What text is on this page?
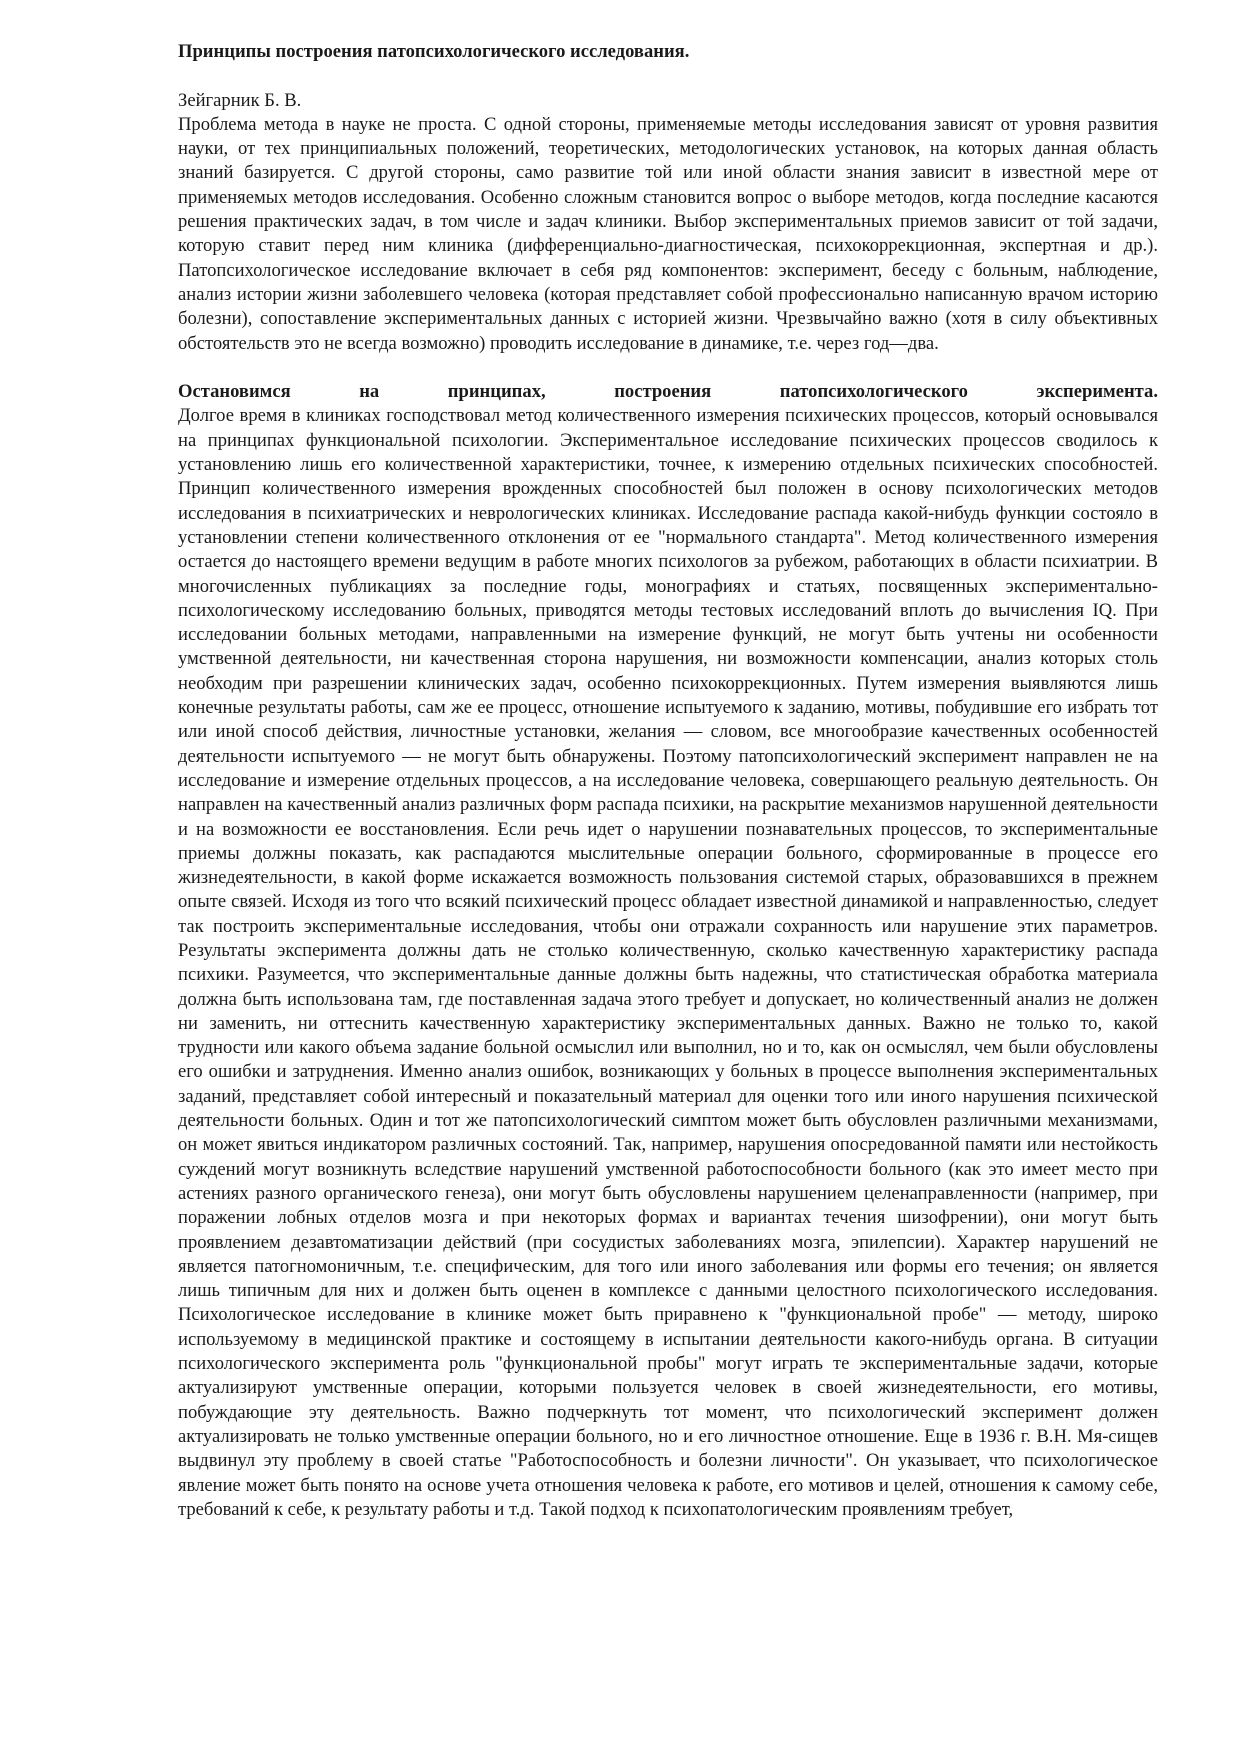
Принципы построения патопсихологического исследования.

Зейгарник Б. В.

Проблема метода в науке не проста. С одной стороны, применяемые методы исследования зависят от уровня развития науки, от тех принципиальных положений, теоретических, методологических установок, на которых данная область знаний базируется. С другой стороны, само развитие той или иной области знания зависит в известной мере от применяемых методов исследования. Особенно сложным становится вопрос о выборе методов, когда последние касаются решения практических задач, в том числе и задач клиники. Выбор экспериментальных приемов зависит от той задачи, которую ставит перед ним клиника (дифференциально-диагностическая, психокоррекционная, экспертная и др.). Патопсихологическое исследование включает в себя ряд компонентов: эксперимент, беседу с больным, наблюдение, анализ истории жизни заболевшего человека (которая представляет собой профессионально написанную врачом историю болезни), сопоставление экспериментальных данных с историей жизни. Чрезвычайно важно (хотя в силу объективных обстоятельств это не всегда возможно) проводить исследование в динамике, т.е. через год—два.

Остановимся на принципах, построения патопсихологического эксперимента.

Долгое время в клиниках господствовал метод количественного измерения психических процессов, который основывался на принципах функциональной психологии. Экспериментальное исследование психических процессов сводилось к установлению лишь его количественной характеристики, точнее, к измерению отдельных психических способностей. Принцип количественного измерения врожденных способностей был положен в основу психологических методов исследования в психиатрических и неврологических клиниках. Исследование распада какой-нибудь функции состояло в установлении степени количественного отклонения от ее "нормального стандарта". Метод количественного измерения остается до настоящего времени ведущим в работе многих психологов за рубежом, работающих в области психиатрии. В многочисленных публикациях за последние годы, монографиях и статьях, посвященных экспериментально-психологическому исследованию больных, приводятся методы тестовых исследований вплоть до вычисления IQ. При исследовании больных методами, направленными на измерение функций, не могут быть учтены ни особенности умственной деятельности, ни качественная сторона нарушения, ни возможности компенсации, анализ которых столь необходим при разрешении клинических задач, особенно психокоррекционных. Путем измерения выявляются лишь конечные результаты работы, сам же ее процесс, отношение испытуемого к заданию, мотивы, побудившие его избрать тот или иной способ действия, личностные установки, желания — словом, все многообразие качественных особенностей деятельности испытуемого — не могут быть обнаружены. Поэтому патопсихологический эксперимент направлен не на исследование и измерение отдельных процессов, а на исследование человека, совершающего реальную деятельность. Он направлен на качественный анализ различных форм распада психики, на раскрытие механизмов нарушенной деятельности и на возможности ее восстановления. Если речь идет о нарушении познавательных процессов, то экспериментальные приемы должны показать, как распадаются мыслительные операции больного, сформированные в процессе его жизнедеятельности, в какой форме искажается возможность пользования системой старых, образовавшихся в прежнем опыте связей. Исходя из того что всякий психический процесс обладает известной динамикой и направленностью, следует так построить экспериментальные исследования, чтобы они отражали сохранность или нарушение этих параметров. Результаты эксперимента должны дать не столько количественную, сколько качественную характеристику распада психики. Разумеется, что экспериментальные данные должны быть надежны, что статистическая обработка материала должна быть использована там, где поставленная задача этого требует и допускает, но количественный анализ не должен ни заменить, ни оттеснить качественную характеристику экспериментальных данных. Важно не только то, какой трудности или какого объема задание больной осмыслил или выполнил, но и то, как он осмыслял, чем были обусловлены его ошибки и затруднения. Именно анализ ошибок, возникающих у больных в процессе выполнения экспериментальных заданий, представляет собой интересный и показательный материал для оценки того или иного нарушения психической деятельности больных. Один и тот же патопсихологический симптом может быть обусловлен различными механизмами, он может явиться индикатором различных состояний. Так, например, нарушения опосредованной памяти или нестойкость суждений могут возникнуть вследствие нарушений умственной работоспособности больного (как это имеет место при астениях разного органического генеза), они могут быть обусловлены нарушением целенаправленности (например, при поражении лобных отделов мозга и при некоторых формах и вариантах течения шизофрении), они могут быть проявлением дезавтоматизации действий (при сосудистых заболеваниях мозга, эпилепсии). Характер нарушений не является патогномоничным, т.е. специфическим, для того или иного заболевания или формы его течения; он является лишь типичным для них и должен быть оценен в комплексе с данными целостного психологического исследования. Психологическое исследование в клинике может быть приравнено к "функциональной пробе" — методу, широко используемому в медицинской практике и состоящему в испытании деятельности какого-нибудь органа. В ситуации психологического эксперимента роль "функциональной пробы" могут играть те экспериментальные задачи, которые актуализируют умственные операции, которыми пользуется человек в своей жизнедеятельности, его мотивы, побуждающие эту деятельность. Важно подчеркнуть тот момент, что психологический эксперимент должен актуализировать не только умственные операции больного, но и его личностное отношение. Еще в 1936 г. В.Н. Мя-сищев выдвинул эту проблему в своей статье "Работоспособность и болезни личности". Он указывает, что психологическое явление может быть понято на основе учета отношения человека к работе, его мотивов и целей, отношения к самому себе, требований к себе, к результату работы и т.д. Такой подход к психопатологическим проявлениям требует,
